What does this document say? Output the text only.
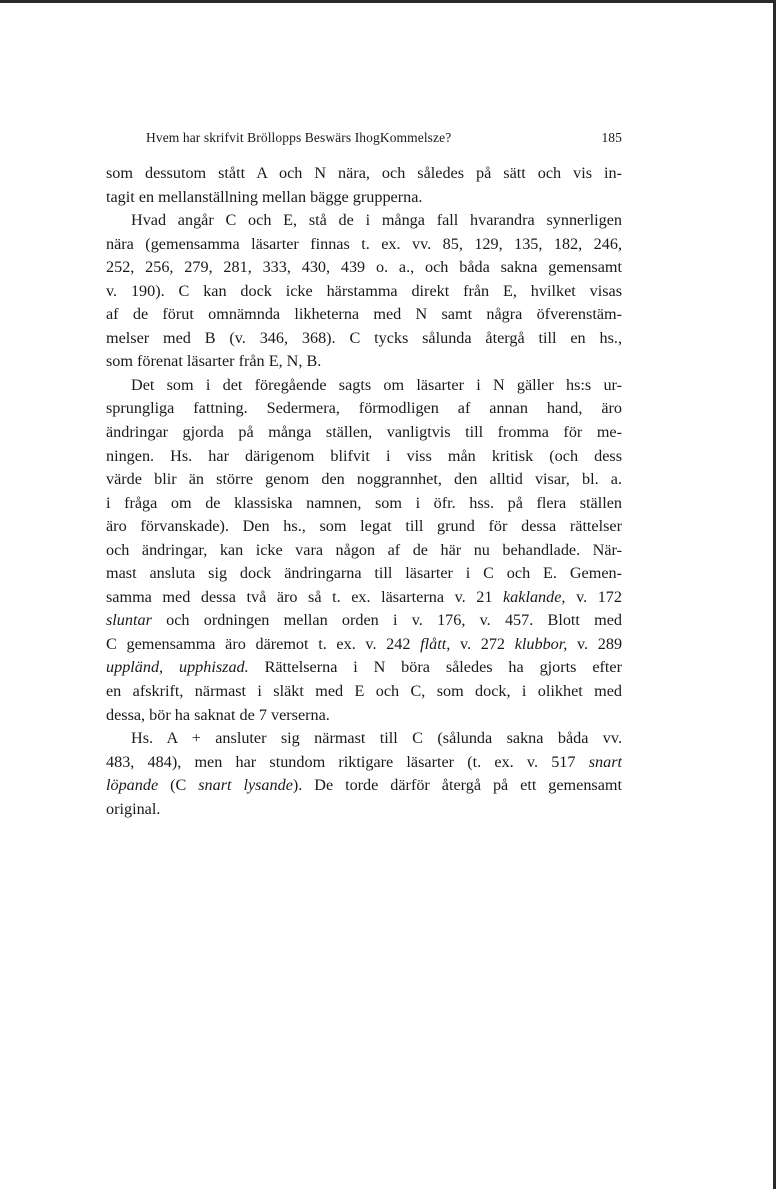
Hvem har skrifvit Bröllopps Beswärs IhogKommelsze?	185

som dessutom stått A och N nära, och således på sätt och vis in-
tagit en mellanställning mellan bägge grupperna.

Hvad angår C och E, stå de i många fall hvarandra synnerligen
nära (gemensamma läsarter finnas t. ex. vv. 85, 129, 135, 182, 246,
252, 256, 279, 281, 333, 430, 439 o. a., och båda sakna gemensamt
v. 190). C kan dock icke härstamma direkt från E, hvilket visas
af de förut omnämnda likheterna med N samt några öfverenstäm-
melser med B (v. 346, 368). C tycks sålunda återgå till en hs.,
som förenat läsarter från E, N, B.

Det som i det föregående sagts om läsarter i N gäller hs:s ur-
sprungliga fattning. Sedermera, förmodligen af annan hand, äro
ändringar gjorda på många ställen, vanligtvis till fromma för me-
ningen. Hs. har därigenom blifvit i viss mån kritisk (och dess
värde blir än större genom den noggrannhet, den alltid visar, bl. a.
i fråga om de klassiska namnen, som i öfr. hss. på flera ställen
äro förvanskade). Den hs., som legat till grund för dessa rättelser
och ändringar, kan icke vara någon af de här nu behandlade. När-
mast ansluta sig dock ändringarna till läsarter i C och E. Gemen-
samma med dessa två äro så t. ex. läsarterna v. 21 kaklande, v. 172
sluntar och ordningen mellan orden i v. 176, v. 457. Blott med
C gemensamma äro däremot t. ex. v. 242 flått, v. 272 klubbor, v. 289
uppländ, upphiszad. Rättelserna i N böra således ha gjorts efter
en afskrift, närmast i släkt med E och C, som dock, i olikhet med
dessa, bör ha saknat de 7 verserna.

Hs. A + ansluter sig närmast till C (sålunda sakna båda vv.
483, 484), men har stundom riktigare läsarter (t. ex. v. 517 snart
löpande (C snart lysande). De torde därför återgå på ett gemensamt
original.
